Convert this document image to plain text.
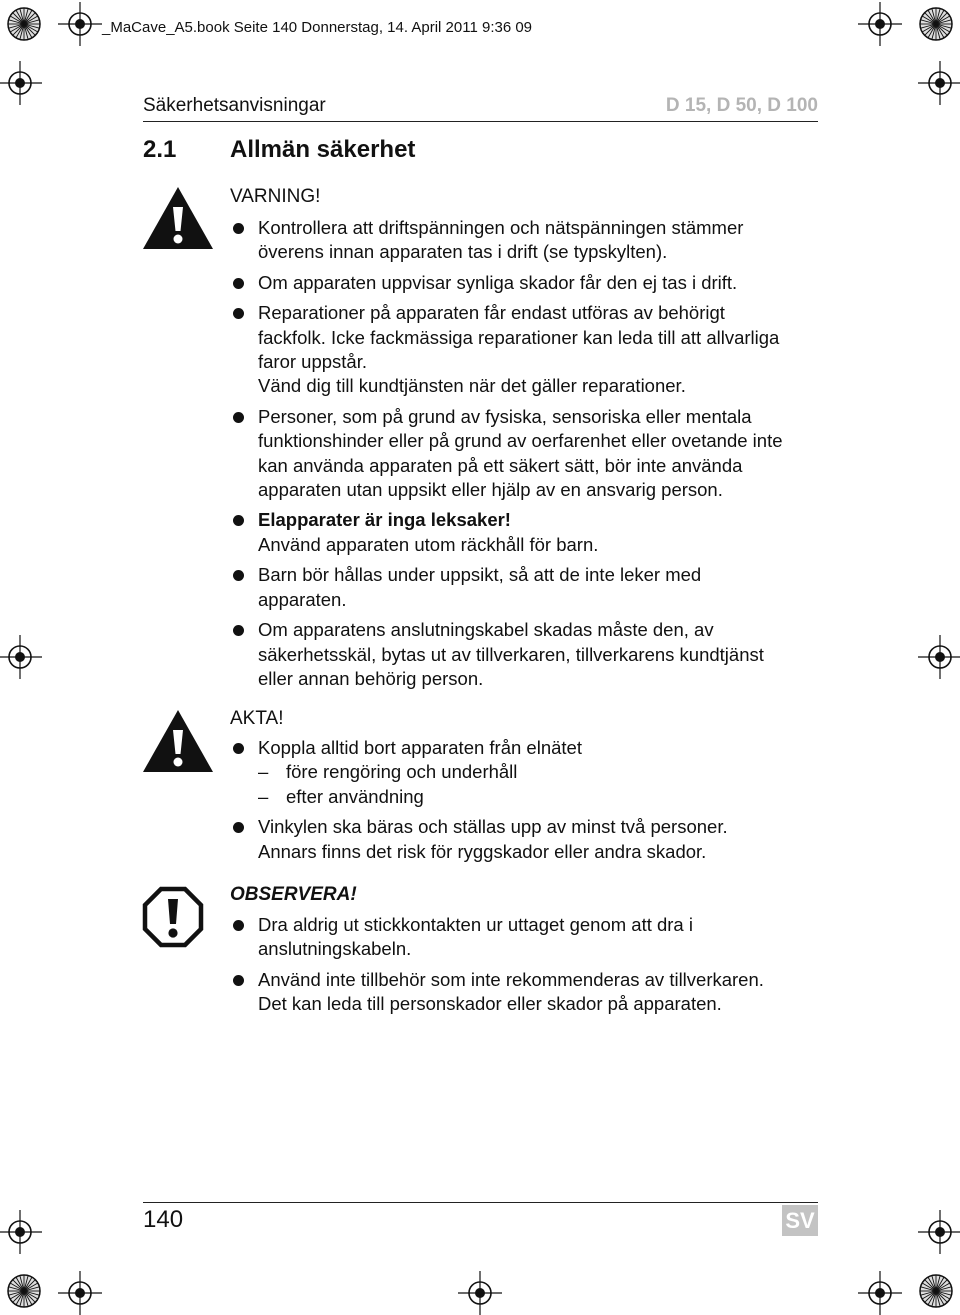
_MaCave_A5.book Seite 140 Donnerstag, 14. April 2011 9:36 09
Säkerhetsanvisningar	D 15, D 50, D 100
2.1 Allmän säkerhet
VARNING!
Kontrollera att driftspänningen och nätspänningen stämmer
överens innan apparaten tas i drift (se typskylten).
Om apparaten uppvisar synliga skador får den ej tas i drift.
Reparationer på apparaten får endast utföras av behörigt
fackfolk. Icke fackmässiga reparationer kan leda till att allvarliga
faror uppstår.
Vänd dig till kundtjänsten när det gäller reparationer.
Personer, som på grund av fysiska, sensoriska eller mentala
funktionshinder eller på grund av oerfarenhet eller ovetande inte
kan använda apparaten på ett säkert sätt, bör inte använda
apparaten utan uppsikt eller hjälp av en ansvarig person.
Elapparater är inga leksaker!
Använd apparaten utom räckhåll för barn.
Barn bör hållas under uppsikt, så att de inte leker med
apparaten.
Om apparatens anslutningskabel skadas måste den, av
säkerhetsskäl, bytas ut av tillverkaren, tillverkarens kundtjänst
eller annan behörig person.
AKTA!
Koppla alltid bort apparaten från elnätet
– före rengöring och underhåll
– efter användning
Vinkylen ska bäras och ställas upp av minst två personer.
Annars finns det risk för ryggskador eller andra skador.
OBSERVERA!
Dra aldrig ut stickkontakten ur uttaget genom att dra i
anslutningskabeln.
Använd inte tillbehör som inte rekommenderas av tillverkaren.
Det kan leda till personskador eller skador på apparaten.
140	SV
